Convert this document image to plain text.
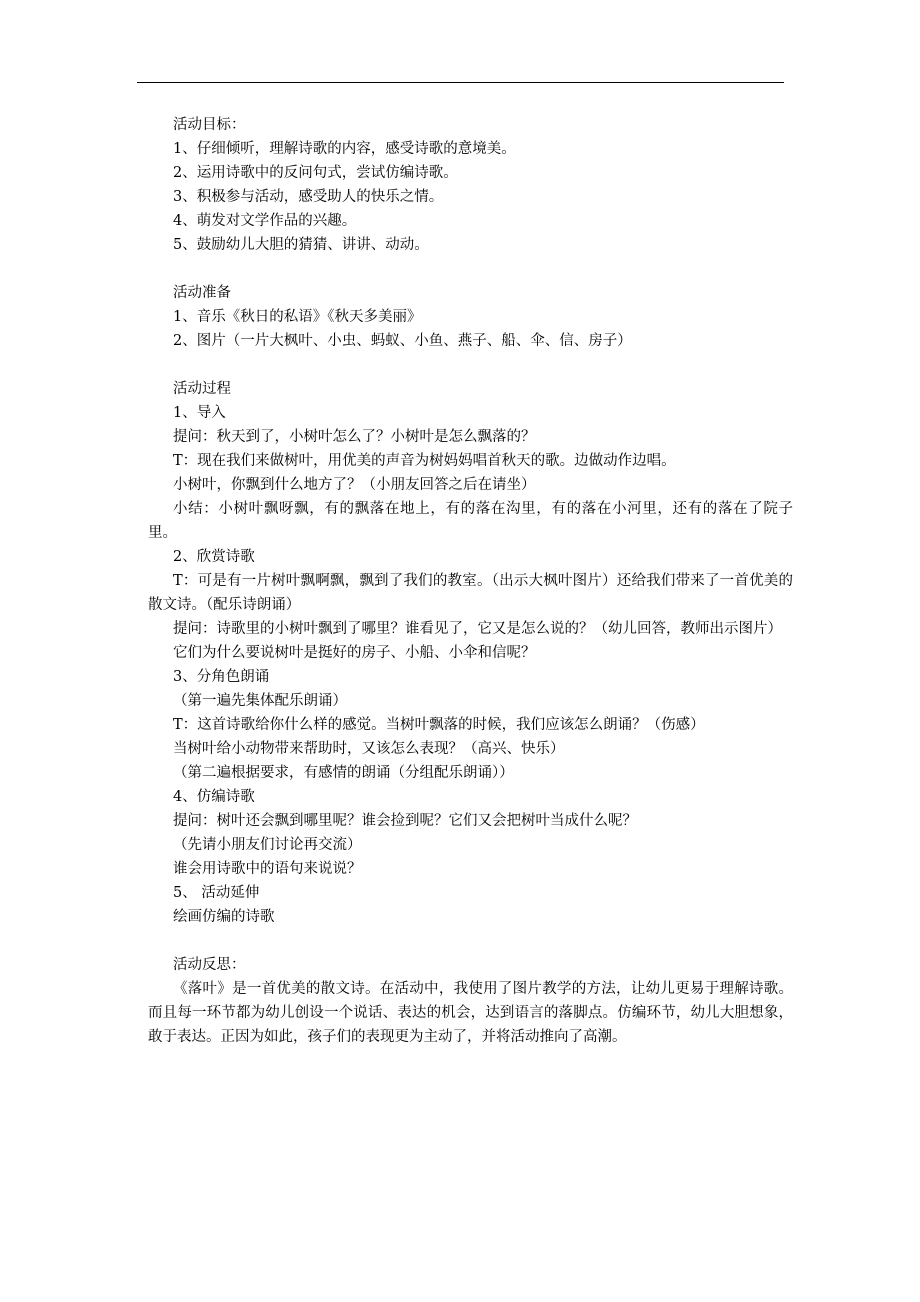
活动目标：
1、仔细倾听，理解诗歌的内容，感受诗歌的意境美。
2、运用诗歌中的反问句式，尝试仿编诗歌。
3、积极参与活动，感受助人的快乐之情。
4、萌发对文学作品的兴趣。
5、鼓励幼儿大胆的猜猜、讲讲、动动。
活动准备
1、音乐《秋日的私语》《秋天多美丽》
2、图片（一片大枫叶、小虫、蚂蚁、小鱼、燕子、船、伞、信、房子）
活动过程
1、导入
提问：秋天到了，小树叶怎么了？小树叶是怎么飘落的？
T：现在我们来做树叶，用优美的声音为树妈妈唱首秋天的歌。边做动作边唱。
小树叶，你飘到什么地方了？（小朋友回答之后在请坐）
小结：小树叶飘呀飘，有的飘落在地上，有的落在沟里，有的落在小河里，还有的落在了院子里。
2、欣赏诗歌
T：可是有一片树叶飘啊飘，飘到了我们的教室。（出示大枫叶图片）还给我们带来了一首优美的散文诗。（配乐诗朗诵）
提问：诗歌里的小树叶飘到了哪里？谁看见了，它又是怎么说的？（幼儿回答，教师出示图片）
它们为什么要说树叶是挺好的房子、小船、小伞和信呢？
3、分角色朗诵
（第一遍先集体配乐朗诵）
T：这首诗歌给你什么样的感觉。当树叶飘落的时候，我们应该怎么朗诵？（伤感）
当树叶给小动物带来帮助时，又该怎么表现？（高兴、快乐）
（第二遍根据要求，有感情的朗诵（分组配乐朗诵））
4、仿编诗歌
提问：树叶还会飘到哪里呢？谁会捡到呢？它们又会把树叶当成什么呢？
（先请小朋友们讨论再交流）
谁会用诗歌中的语句来说说？
5、 活动延伸
绘画仿编的诗歌
活动反思：
《落叶》是一首优美的散文诗。在活动中，我使用了图片教学的方法，让幼儿更易于理解诗歌。而且每一环节都为幼儿创设一个说话、表达的机会，达到语言的落脚点。仿编环节，幼儿大胆想象，敢于表达。正因为如此，孩子们的表现更为主动了，并将活动推向了高潮。
